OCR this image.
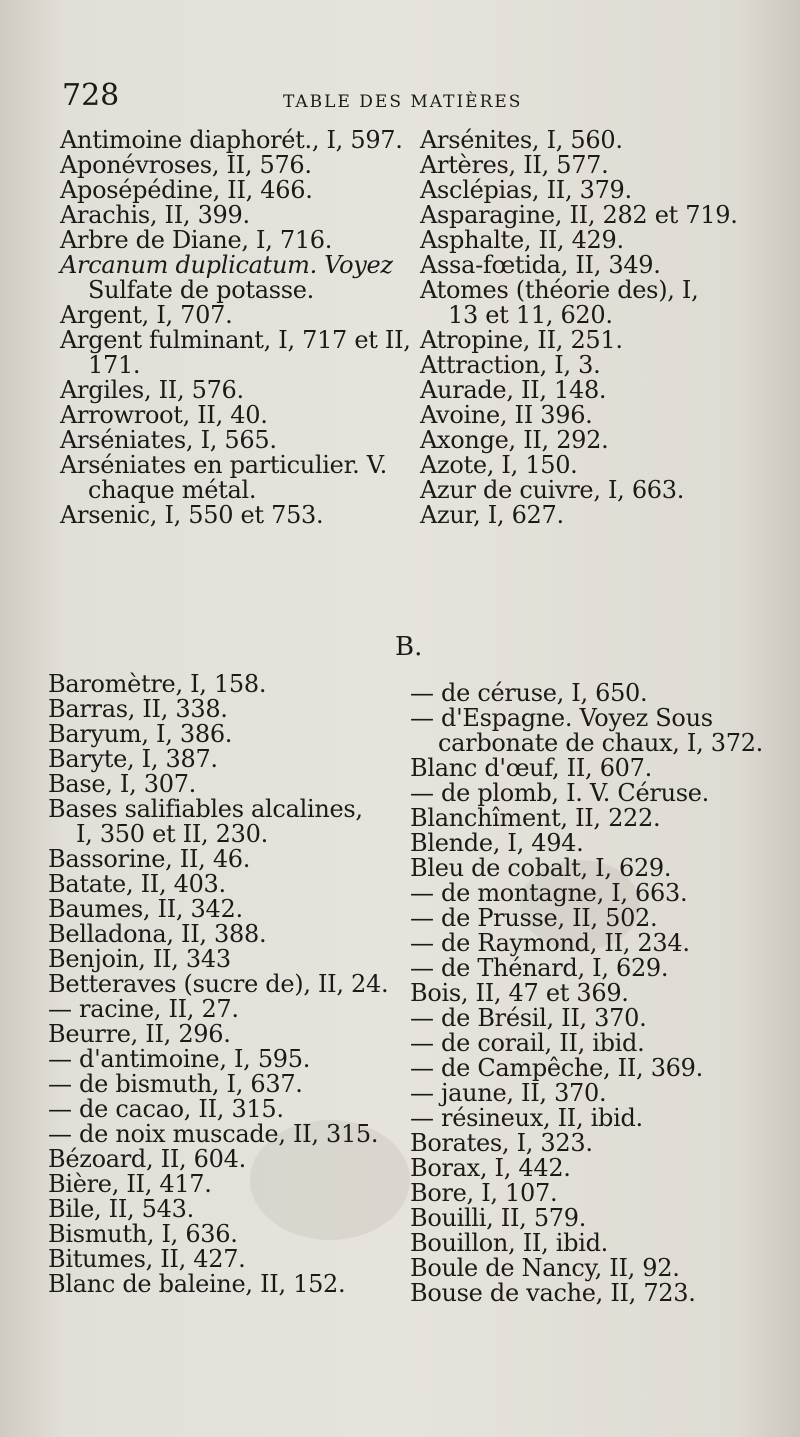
728	TABLE DES MATIÈRES
Antimoine diaphorét., I, 597.
Aponévroses, II, 576.
Aposépédine, II, 466.
Arachis, II, 399.
Arbre de Diane, I, 716.
Arcanum duplicatum. Voyez
Sulfate de potasse.
Argent, I, 707.
Argent fulminant, I, 717 et II,
171.
Argiles, II, 576.
Arrowroot, II, 40.
Arséniates, I, 565.
Arséniates en particulier. V.
chaque métal.
Arsenic, I, 550 et 753.
Arsénites, I, 560.
Artères, II, 577.
Asclépias, II, 379.
Asparagine, II, 282 et 719.
Asphalte, II, 429.
Assa-fœtida, II, 349.
Atomes (théorie des), I,
13 et 11, 620.
Atropine, II, 251.
Attraction, I, 3.
Aurade, II, 148.
Avoine, II 396.
Axonge, II, 292.
Azote, I, 150.
Azur de cuivre, I, 663.
Azur, I, 627.
B.
Baromètre, I, 158.
Barras, II, 338.
Baryum, I, 386.
Baryte, I, 387.
Base, I, 307.
Bases salifiables alcalines,
I, 350 et II, 230.
Bassorine, II, 46.
Batate, II, 403.
Baumes, II, 342.
Belladona, II, 388.
Benjoin, II, 343
Betteraves (sucre de), II, 24.
— racine, II, 27.
Beurre, II, 296.
— d'antimoine, I, 595.
— de bismuth, I, 637.
— de cacao, II, 315.
— de noix muscade, II, 315.
Bézoard, II, 604.
Bière, II, 417.
Bile, II, 543.
Bismuth, I, 636.
Bitumes, II, 427.
Blanc de baleine, II, 152.
— de céruse, I, 650.
— d'Espagne. Voyez Sous
carbonate de chaux, I, 372.
Blanc d'œuf, II, 607.
— de plomb, I. V. Céruse.
Blanchîment, II, 222.
Blende, I, 494.
Bleu de cobalt, I, 629.
— de montagne, I, 663.
— de Prusse, II, 502.
— de Raymond, II, 234.
— de Thénard, I, 629.
Bois, II, 47 et 369.
— de Brésil, II, 370.
— de corail, II, ibid.
— de Campêche, II, 369.
— jaune, II, 370.
— résineux, II, ibid.
Borates, I, 323.
Borax, I, 442.
Bore, I, 107.
Bouilli, II, 579.
Bouillon, II, ibid.
Boule de Nancy, II, 92.
Bouse de vache, II, 723.
